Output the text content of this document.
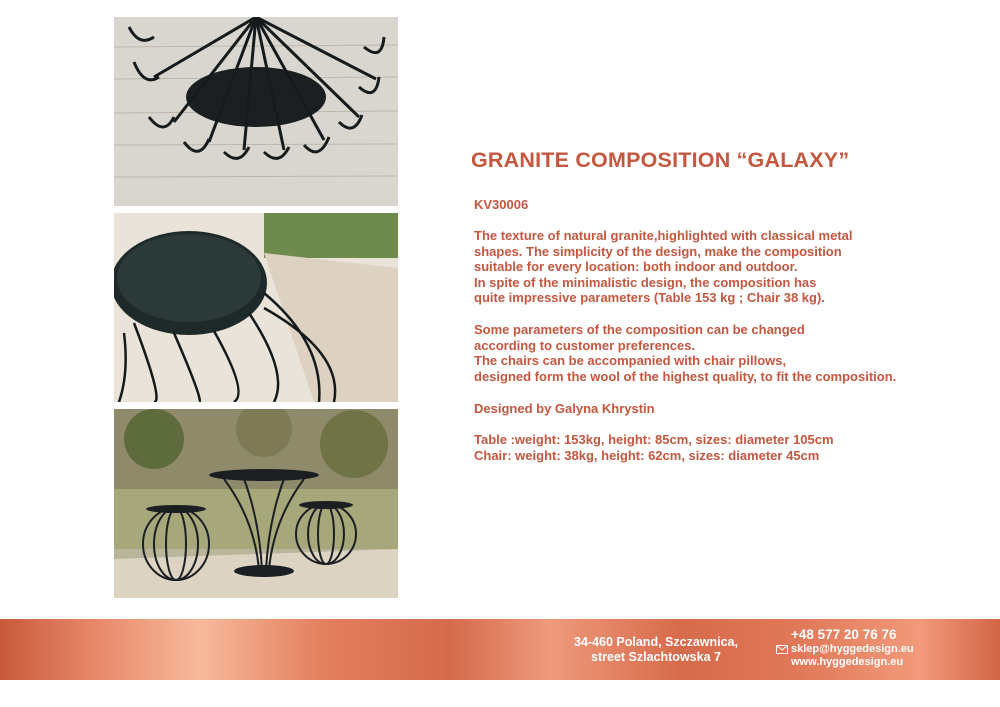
GRANITE COMPOSITION “GALAXY”
KV30006
The texture of natural granite,highlighted with classical metal
shapes. The simplicity of the design, make the composition
suitable for every location: both indoor and outdoor.
In spite of the minimalistic design, the composition has
quite impressive parameters (Table 153 kg ; Chair 38 kg).
Some parameters of the composition can be changed
according to customer preferences.
The chairs can be accompanied with chair pillows,
designed form the wool of the highest quality, to fit the composition.
Designed by Galyna Khrystin
Table :weight: 153kg, height: 85cm, sizes: diameter 105cm
Chair: weight: 38kg, height: 62cm, sizes: diameter 45cm
34-460 Poland, Szczawnica,
street Szlachtowska 7
+48 577 20 76 76
sklep@hyggedesign.eu
www.hyggedesign.eu
